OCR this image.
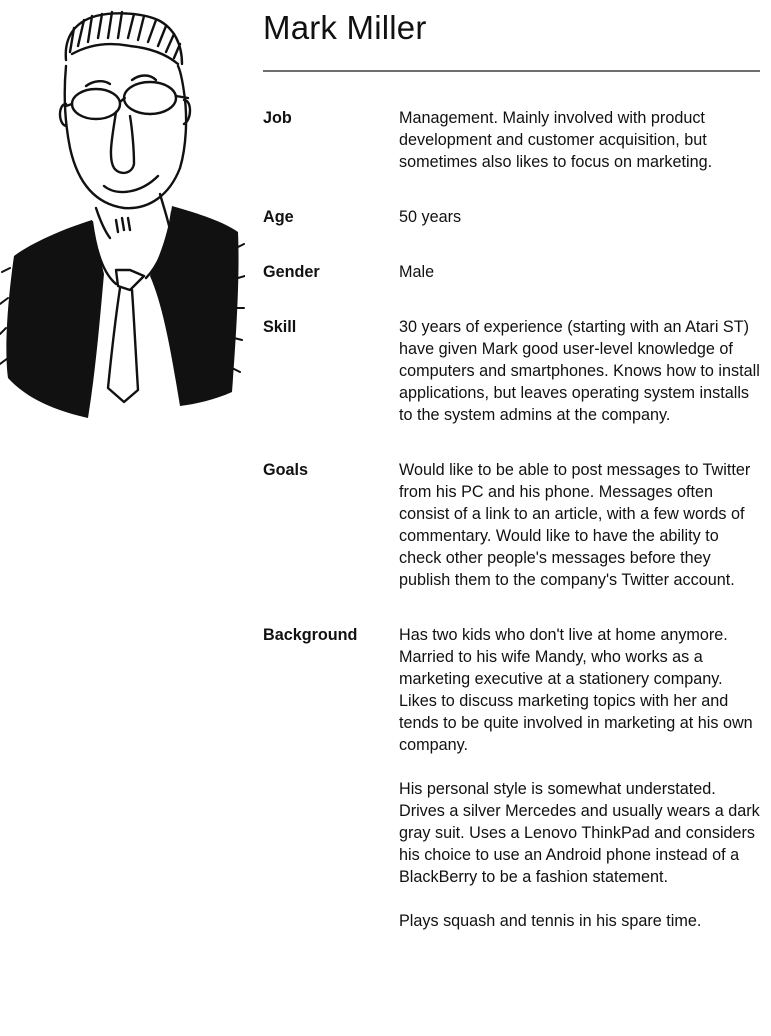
Mark Miller
Job	Management. Mainly involved with product development and customer acquisition, but sometimes also likes to focus on marketing.

Age	50 years

Gender	Male

Skill	30 years of experience (starting with an Atari ST) have given Mark good user-level knowledge of computers and smartphones. Knows how to install applications, but leaves operating system installs to the system admins at the company.

Goals	Would like to be able to post messages to Twitter from his PC and his phone. Messages often consist of a link to an article, with a few words of commentary. Would like to have the ability to check other people's messages before they publish them to the company's Twitter account.

Background	Has two kids who don't live at home anymore. Married to his wife Mandy, who works as a marketing executive at a stationery company. Likes to discuss marketing topics with her and tends to be quite involved in marketing at his own company.

His personal style is somewhat understated. Drives a silver Mercedes and usually wears a dark gray suit. Uses a Lenovo ThinkPad and considers his choice to use an Android phone instead of a BlackBerry to be a fashion statement.

Plays squash and tennis in his spare time.
